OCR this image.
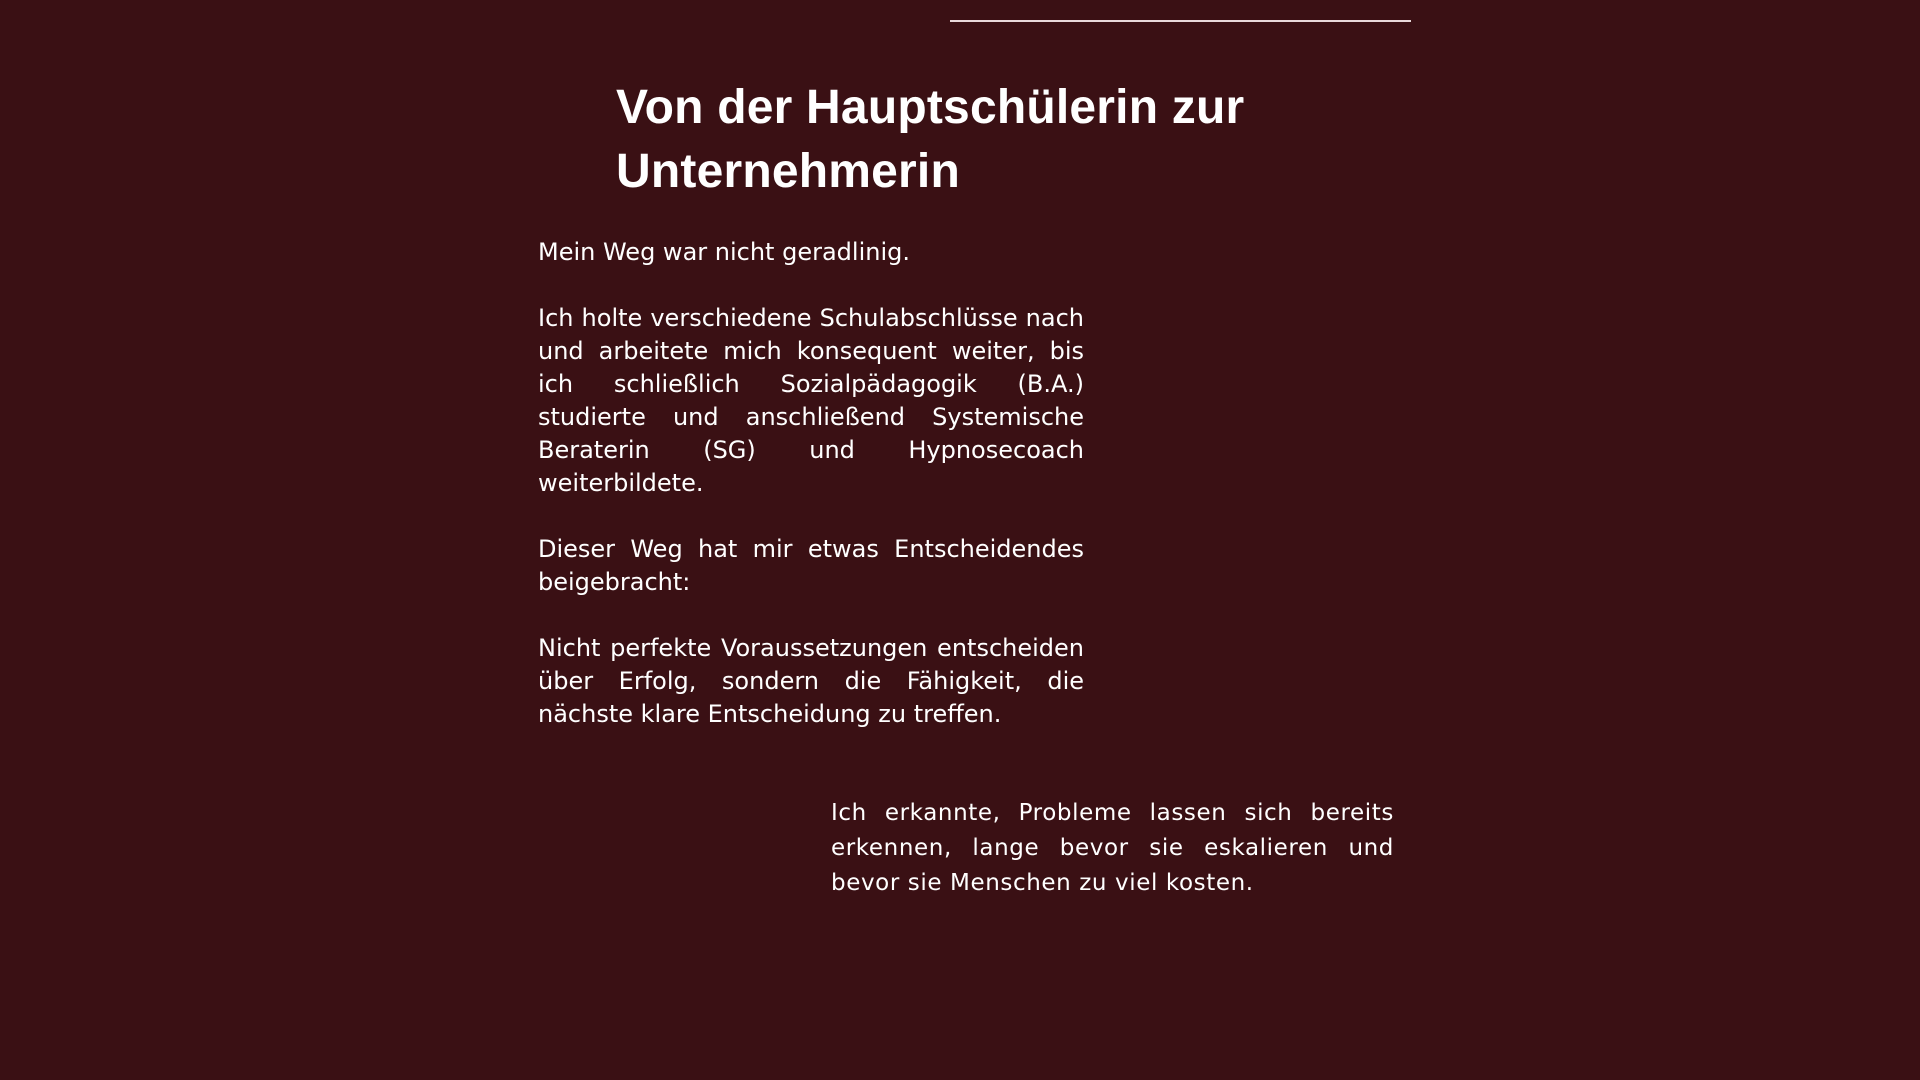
Von der Hauptschülerin zur
Unternehmerin

Mein Weg war nicht geradlinig.

Ich holte verschiedene Schulabschlüsse nach und arbeitete mich konsequent weiter, bis ich schließlich Sozialpädagogik (B.A.) studierte und anschließend Systemische Beraterin (SG) und Hypnosecoach weiterbildete.

Dieser Weg hat mir etwas Entscheidendes beigebracht:

Nicht perfekte Voraussetzungen entscheiden über Erfolg, sondern die Fähigkeit, die nächste klare Entscheidung zu treffen.

Ich erkannte, Probleme lassen sich bereits erkennen, lange bevor sie eskalieren und bevor sie Menschen zu viel kosten.
